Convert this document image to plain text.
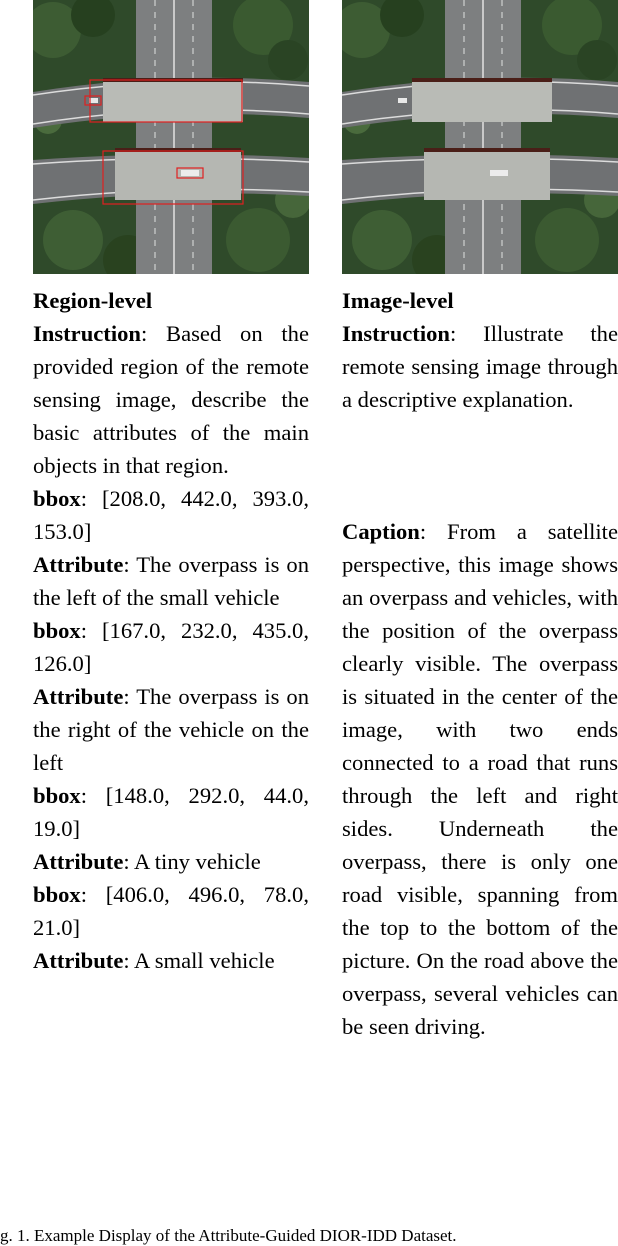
Region-level

Instruction: Based on the provided region of the remote sensing image, describe the basic attributes of the main objects in that region.

bbox: [208.0, 442.0, 393.0, 153.0]

Attribute: The overpass is on the left of the small vehicle

bbox: [167.0, 232.0, 435.0, 126.0]

Attribute: The overpass is on the right of the vehicle on the left

bbox: [148.0, 292.0, 44.0, 19.0]

Attribute: A tiny vehicle

bbox: [406.0, 496.0, 78.0, 21.0]

Attribute: A small vehicle

Image-level

Instruction: Illustrate the remote sensing image through a descriptive explanation.

Caption: From a satellite perspective, this image shows an overpass and vehicles, with the position of the overpass clearly visible. The overpass is situated in the center of the image, with two ends connected to a road that runs through the left and right sides. Underneath the overpass, there is only one road visible, spanning from the top to the bottom of the picture. On the road above the overpass, several vehicles can be seen driving.

g. 1. Example Display of the Attribute-Guided DIOR-IDD Dataset.
